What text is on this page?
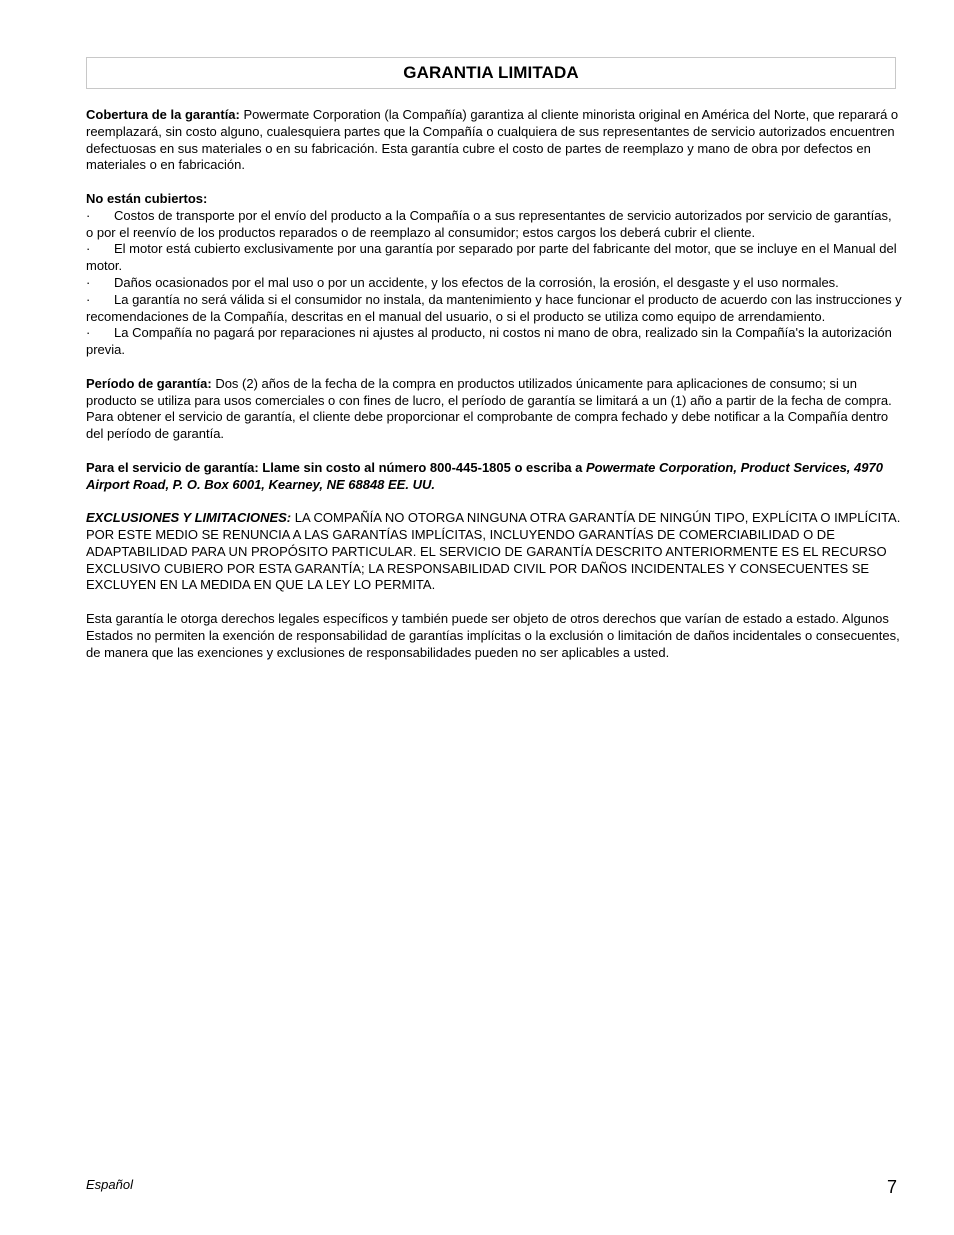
GARANTIA LIMITADA

Cobertura de la garantía: Powermate Corporation (la Compañía) garantiza al cliente minorista original en América del Norte, que reparará o reemplazará, sin costo alguno, cualesquiera partes que la Compañía o cualquiera de sus representantes de servicio autorizados encuentren defectuosas en sus materiales o en su fabricación. Esta garantía cubre el costo de partes de reemplazo y mano de obra por defectos en materiales o en fabricación.

No están cubiertos:

· Costos de transporte por el envío del producto a la Compañía o a sus representantes de servicio autorizados por servicio de garantías, o por el reenvío de los productos reparados o de reemplazo al consumidor; estos cargos los deberá cubrir el cliente.
· El motor está cubierto exclusivamente por una garantía por separado por parte del fabricante del motor, que se incluye en el Manual del motor.
· Daños ocasionados por el mal uso o por un accidente, y los efectos de la corrosión, la erosión, el desgaste y el uso normales.
· La garantía no será válida si el consumidor no instala, da mantenimiento y hace funcionar el producto de acuerdo con las instrucciones y recomendaciones de la Compañía, descritas en el manual del usuario, o si el producto se utiliza como equipo de arrendamiento.
· La Compañía no pagará por reparaciones ni ajustes al producto, ni costos ni mano de obra, realizado sin la Compañía's la autorización previa.

Período de garantía: Dos (2) años de la fecha de la compra en productos utilizados únicamente para aplicaciones de consumo; si un producto se utiliza para usos comerciales o con fines de lucro, el período de garantía se limitará a un (1) año a partir de la fecha de compra. Para obtener el servicio de garantía, el cliente debe proporcionar el comprobante de compra fechado y debe notificar a la Compañía dentro del período de garantía.

Para el servicio de garantía: Llame sin costo al número 800-445-1805 o escriba a Powermate Corporation, Product Services, 4970 Airport Road, P. O. Box 6001, Kearney, NE 68848 EE. UU.

EXCLUSIONES Y LIMITACIONES: LA COMPAÑÍA NO OTORGA NINGUNA OTRA GARANTÍA DE NINGÚN TIPO, EXPLÍCITA O IMPLÍCITA. POR ESTE MEDIO SE RENUNCIA A LAS GARANTÍAS IMPLÍCITAS, INCLUYENDO GARANTÍAS DE COMERCIABILIDAD O DE ADAPTABILIDAD PARA UN PROPÓSITO PARTICULAR. EL SERVICIO DE GARANTÍA DESCRITO ANTERIORMENTE ES EL RECURSO EXCLUSIVO CUBIERO POR ESTA GARANTÍA; LA RESPONSABILIDAD CIVIL POR DAÑOS INCIDENTALES Y CONSECUENTES SE EXCLUYEN EN LA MEDIDA EN QUE LA LEY LO PERMITA.

Esta garantía le otorga derechos legales específicos y también puede ser objeto de otros derechos que varían de estado a estado. Algunos Estados no permiten la exención de responsabilidad de garantías implícitas o la exclusión o limitación de daños incidentales o consecuentes, de manera que las exenciones y exclusiones de responsabilidades pueden no ser aplicables a usted.

Español	7
